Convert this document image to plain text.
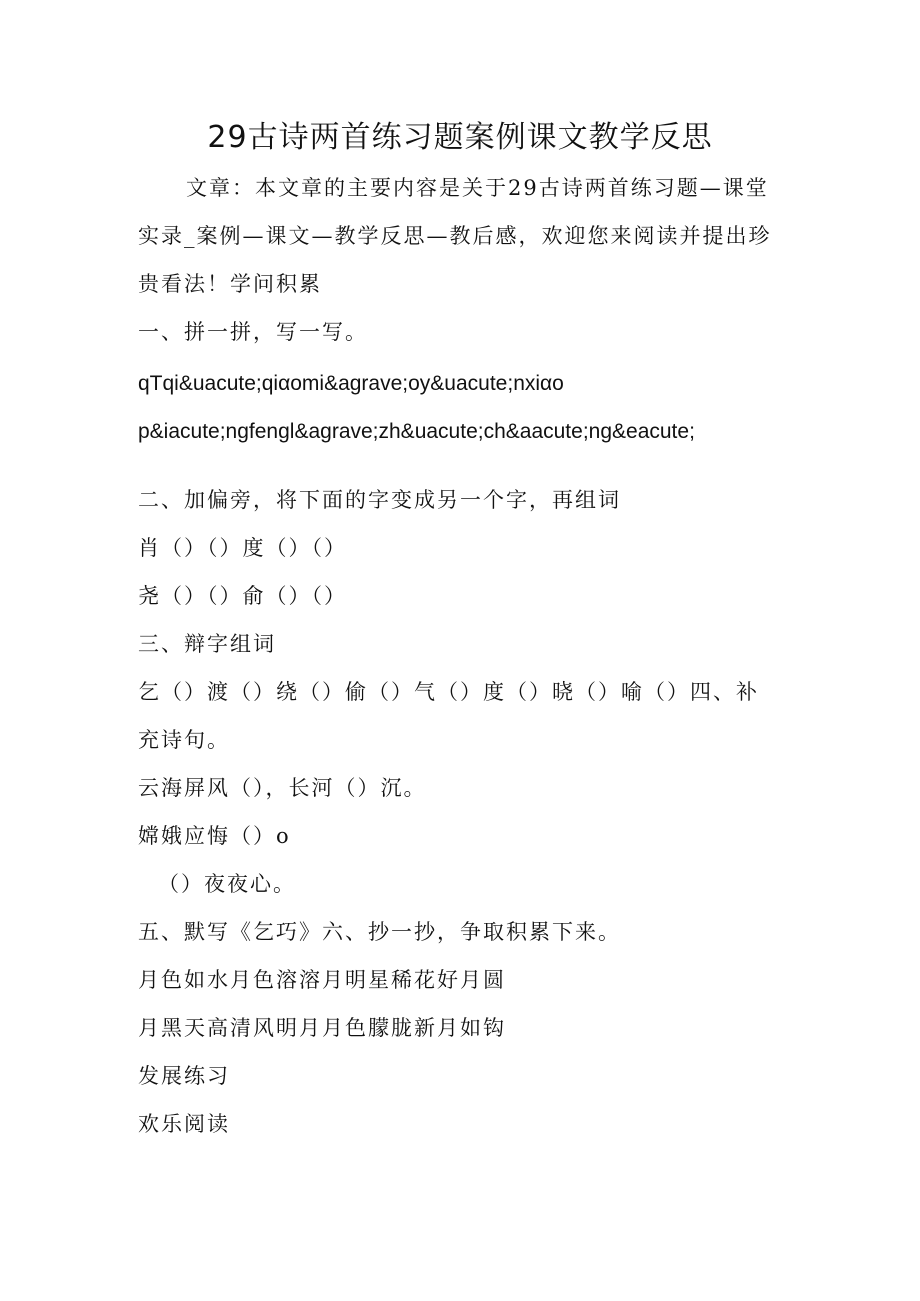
29古诗两首练习题案例课文教学反思
文章：本文章的主要内容是关于29古诗两首练习题—课堂
实录_案例—课文—教学反思—教后感，欢迎您来阅读并提出珍
贵看法！学问积累
一、拼一拼，写一写。
qTqi&uacute;qiαomi&agrave;oy&uacute;nxiαo
p&iacute;ngfengl&agrave;zh&uacute;ch&aacute;ng&eacute;
二、加偏旁，将下面的字变成另一个字，再组词
肖（）（）度（）（）
尧（）（）俞（）（）
三、辩字组词
乞（）渡（）绕（）偷（）气（）度（）晓（）喻（）四、补
充诗句。
云海屏风（），长河（）沉。
嫦娥应悔（）o
（）夜夜心。
五、默写《乞巧》六、抄一抄，争取积累下来。
月色如水月色溶溶月明星稀花好月圆
月黑天高清风明月月色朦胧新月如钩
发展练习
欢乐阅读
